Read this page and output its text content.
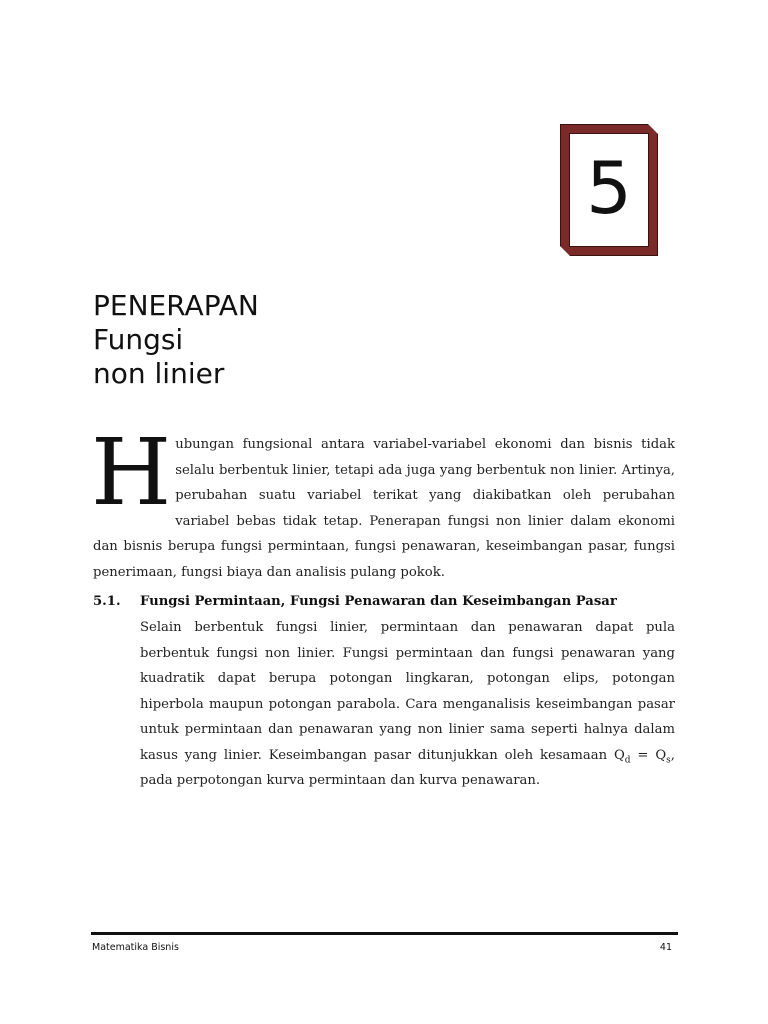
5
PENERAPAN
Fungsi
non linier

Hubungan fungsional antara variabel-variabel ekonomi dan bisnis tidak selalu berbentuk linier, tetapi ada juga yang berbentuk non linier. Artinya, perubahan suatu variabel terikat yang diakibatkan oleh perubahan variabel bebas tidak tetap. Penerapan fungsi non linier dalam ekonomi dan bisnis berupa fungsi permintaan, fungsi penawaran, keseimbangan pasar, fungsi penerimaan, fungsi biaya dan analisis pulang pokok.

5.1.	Fungsi Permintaan, Fungsi Penawaran dan Keseimbangan Pasar

Selain berbentuk fungsi linier, permintaan dan penawaran dapat pula berbentuk fungsi non linier. Fungsi permintaan dan fungsi penawaran yang kuadratik dapat berupa potongan lingkaran, potongan elips, potongan hiperbola maupun potongan parabola. Cara menganalisis keseimbangan pasar untuk permintaan dan penawaran yang non linier sama seperti halnya dalam kasus yang linier. Keseimbangan pasar ditunjukkan oleh kesamaan $Q_d = Q_s$, pada perpotongan kurva permintaan dan kurva penawaran.

Matematika Bisnis	41
